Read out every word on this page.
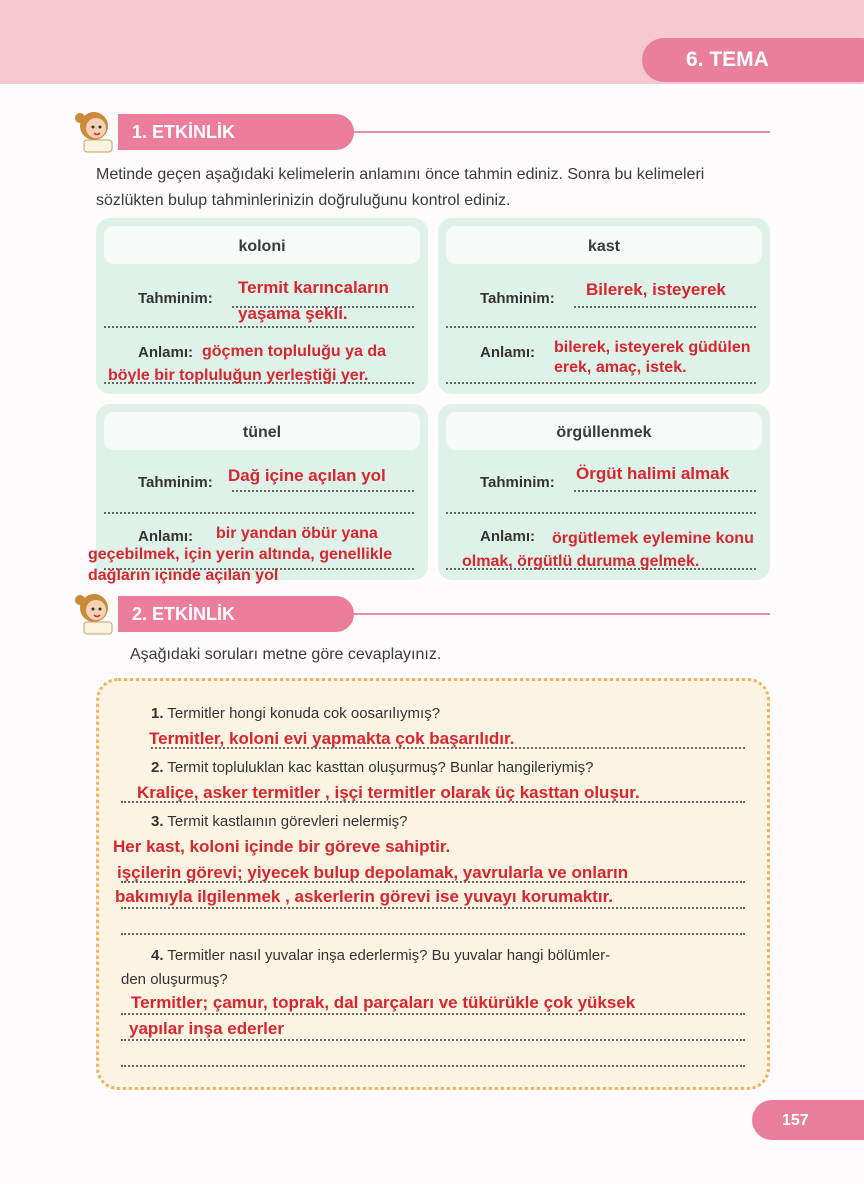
6. TEMA
1. ETKİNLİK
Metinde geçen aşağıdaki kelimelerin anlamını önce tahmin ediniz. Sonra bu kelimeleri sözlükten bulup tahminlerinizin doğruluğunu kontrol ediniz.
koloni
Tahminim:
Anlamı:
Termit karıncaların
yaşama şekli.
göçmen topluluğu ya da
böyle bir topluluğun yerleştiği yer.
kast
Tahminim:
Anlamı:
Bilerek, isteyerek
bilerek, isteyerek güdülen
erek, amaç, istek.
tünel
Tahminim:
Anlamı:
Dağ içine açılan yol
örgüllenmek
Tahminim:
Anlamı:
Örgüt halimi almak
bir yandan öbür yana
geçebilmek, için yerin altında, genellikle
dağların içinde açılan yol
örgütlemek eylemine konu
olmak, örgütlü duruma gelmek.
2. ETKİNLİK
Aşağıdaki soruları metne göre cevaplayınız.
1. Termitler hongi konuda cok oosarılıymış?
Termitler, koloni evi yapmakta çok başarılıdır.
2. Termit topluluklan kac kasttan oluşurmuş? Bunlar hangileriymiş?
Kraliçe, asker termitler , işçi termitler olarak üç kasttan oluşur.
3. Termit kastlaının görevleri nelermiş?
Her kast, koloni içinde bir göreve sahiptir.
işçilerin görevi; yiyecek bulup depolamak, yavrularla ve onların
bakımıyla ilgilenmek , askerlerin görevi ise yuvayı korumaktır.
4. Termitler nasıl yuvalar inşa ederlermiş? Bu yuvalar hangi bölümler-
den oluşurmuş?
Termitler; çamur, toprak, dal parçaları ve tükürükle çok yüksek
yapılar inşa ederler
157
